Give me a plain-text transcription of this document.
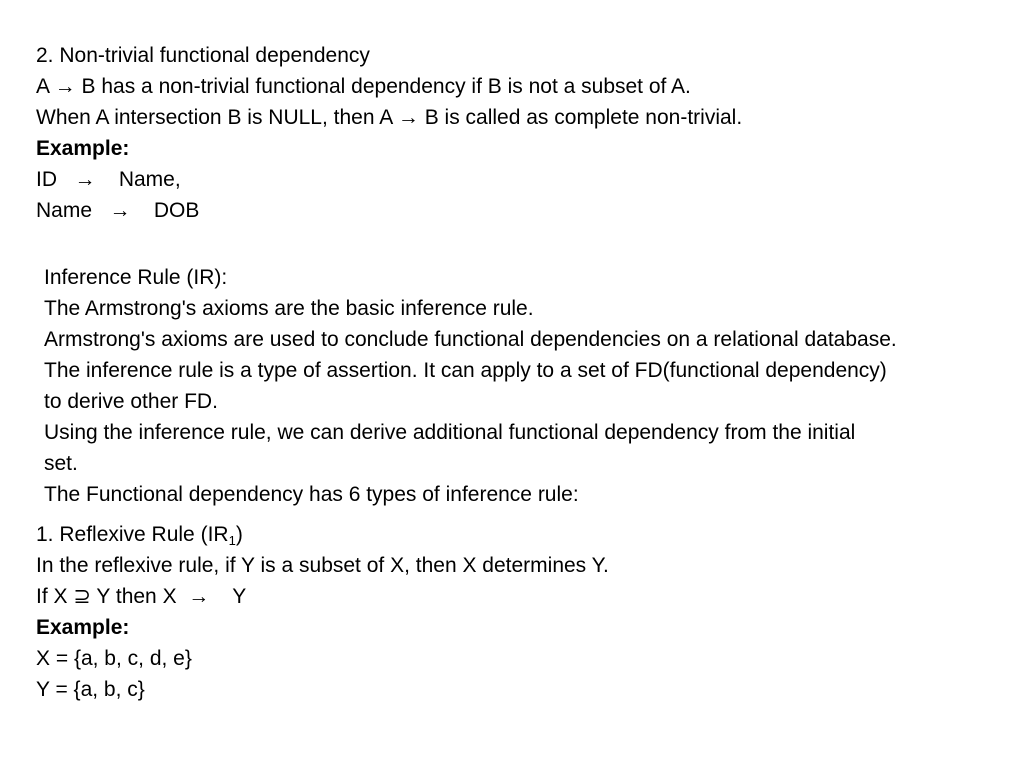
2. Non-trivial functional dependency
A → B has a non-trivial functional dependency if B is not a subset of A.
When A intersection B is NULL, then A → B is called as complete non-trivial.
Example:
ID   →    Name,
Name   →    DOB
Inference Rule (IR):
The Armstrong's axioms are the basic inference rule.
Armstrong's axioms are used to conclude functional dependencies on a relational database.
The inference rule is a type of assertion. It can apply to a set of FD(functional dependency)
to derive other FD.
Using the inference rule, we can derive additional functional dependency from the initial
set.
The Functional dependency has 6 types of inference rule:
1. Reflexive Rule $(IR_1)$
In the reflexive rule, if Y is a subset of X, then X determines Y.
If X ⊇ Y then X  →    Y
Example:
X = {a, b, c, d, e}
Y = {a, b, c}
